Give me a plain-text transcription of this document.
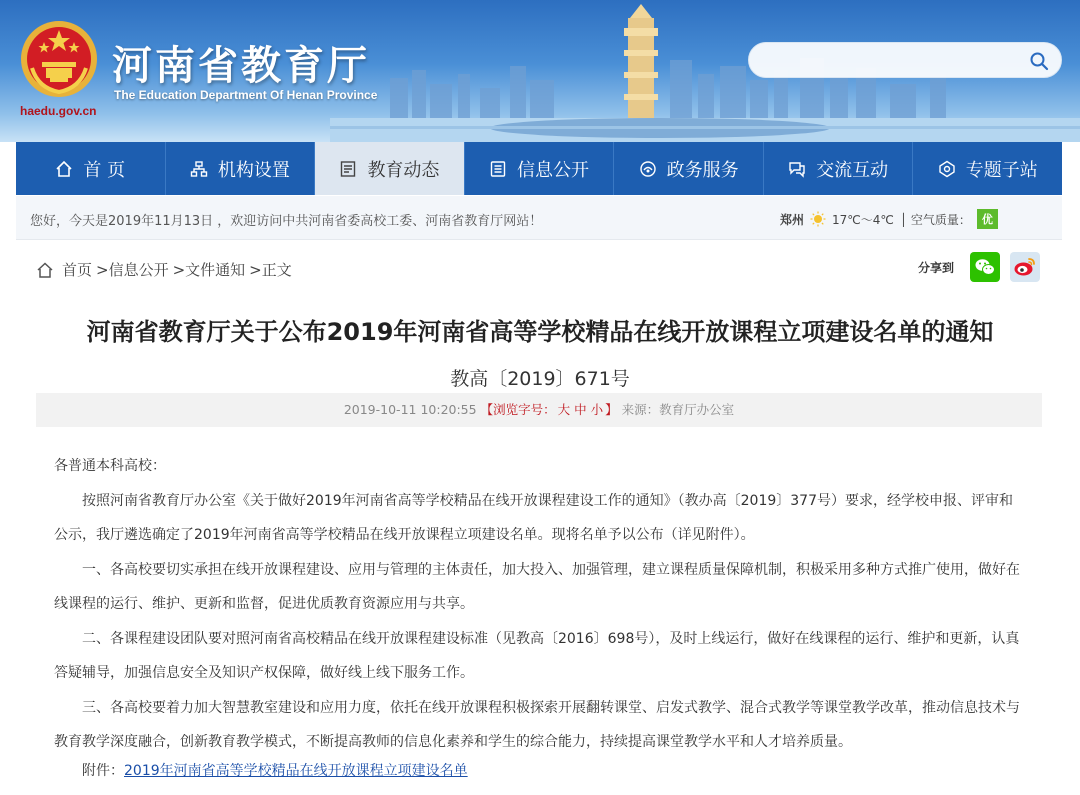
河南省教育厅
The Education Department Of Henan Province
haedu.gov.cn
首 页	机构设置	教育动态	信息公开	政务服务	交流互动	专题子站
您好，今天是2019年11月13日 ，欢迎访问中共河南省委高校工委、河南省教育厅网站！	郑州 17℃～4℃ │ 空气质量：	优
首页 >信息公开 >文件通知 >正文	分享到
河南省教育厅关于公布2019年河南省高等学校精品在线开放课程立项建设名单的通知
教高〔2019〕671号
2019-10-11 10:20:55 【浏览字号： 大 中 小 】 来源：教育厅办公室

各普通本科高校：

按照河南省教育厅办公室《关于做好2019年河南省高等学校精品在线开放课程建设工作的通知》（教办高〔2019〕377号）要求，经学校申报、评审和公示，我厅遴选确定了2019年河南省高等学校精品在线开放课程立项建设名单。现将名单予以公布（详见附件）。

一、各高校要切实承担在线开放课程建设、应用与管理的主体责任，加大投入、加强管理，建立课程质量保障机制，积极采用多种方式推广使用，做好在线课程的运行、维护、更新和监督，促进优质教育资源应用与共享。

二、各课程建设团队要对照河南省高校精品在线开放课程建设标准（见教高〔2016〕698号），及时上线运行，做好在线课程的运行、维护和更新，认真答疑辅导，加强信息安全及知识产权保障，做好线上线下服务工作。

三、各高校要着力加大智慧教室建设和应用力度，依托在线开放课程积极探索开展翻转课堂、启发式教学、混合式教学等课堂教学改革，推动信息技术与教育教学深度融合，创新教育教学模式，不断提高教师的信息化素养和学生的综合能力，持续提高课堂教学水平和人才培养质量。

附件：2019年河南省高等学校精品在线开放课程立项建设名单
